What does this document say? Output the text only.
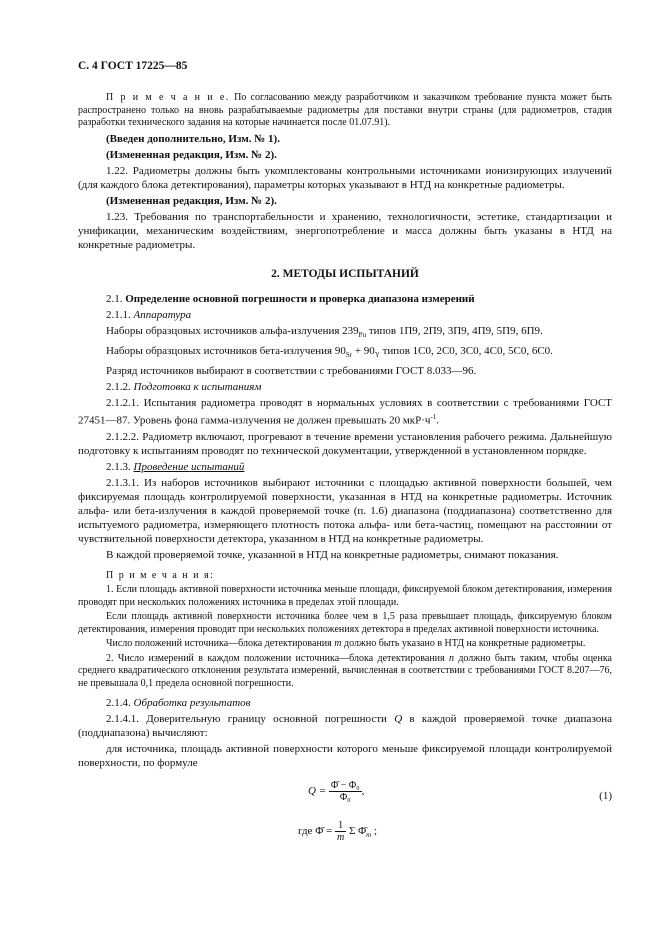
С. 4 ГОСТ 17225—85

П р и м е ч а н и е. По согласованию между разработчиком и заказчиком требование пункта может быть распространено только на вновь разрабатываемые радиометры для поставки внутри страны (для радиометров, стадия разработки технического задания на которые начинается после 01.07.91).

(Введен дополнительно, Изм. № 1).

(Измененная редакция, Изм. № 2).

1.22. Радиометры должны быть укомплектованы контрольными источниками ионизирующих излучений (для каждого блока детектирования), параметры которых указывают в НТД на конкретные радиометры.

(Измененная редакция, Изм. № 2).

1.23. Требования по транспортабельности и хранению, технологичности, эстетике, стандартизации и унификации, механическим воздействиям, энергопотребление и масса должны быть указаны в НТД на конкретные радиометры.

2. МЕТОДЫ ИСПЫТАНИЙ

2.1. Определение основной погрешности и проверка диапазона измерений

2.1.1. Аппаратура

Наборы образцовых источников альфа-излучения $239_{Pu}$ типов 1П9, 2П9, 3П9, 4П9, 5П9, 6П9.

Наборы образцовых источников бета-излучения $90_{Sr} + 90_Y$ типов 1С0, 2С0, 3С0, 4С0, 5С0, 6С0.

Разряд источников выбирают в соответствии с требованиями ГОСТ 8.033—96.

2.1.2. Подготовка к испытаниям

2.1.2.1. Испытания радиометра проводят в нормальных условиях в соответствии с требованиями ГОСТ 27451—87. Уровень фона гамма-излучения не должен превышать 20 $мкР\cdot ч^{-1}$.

2.1.2.2. Радиометр включают, прогревают в течение времени установления рабочего режима. Дальнейшую подготовку к испытаниям проводят по технической документации, утвержденной в установленном порядке.

2.1.3. Проведение испытаний

2.1.3.1. Из наборов источников выбирают источники с площадью активной поверхности большей, чем фиксируемая площадь контролируемой поверхности, указанная в НТД на конкретные радиометры. Источник альфа- или бета-излучения в каждой проверяемой точке (п. 1.6) диапазона (поддиапазона) соответственно для испытуемого радиометра, измеряющего плотность потока альфа- или бета-частиц, помещают на расстоянии от чувствительной поверхности детектора, указанном в НТД на конкретные радиометры.

В каждой проверяемой точке, указанной в НТД на конкретные радиометры, снимают показания.

П р и м е ч а н и я:

1. Если площадь активной поверхности источника меньше площади, фиксируемой блоком детектирования, измерения проводят при нескольких положениях источника в пределах этой площади.

Если площадь активной поверхности источника более чем в 1,5 раза превышает площадь, фиксируемую блоком детектирования, измерения проводят при нескольких положениях детектора в пределах активной поверхности источника.

Число положений источника—блока детектирования m должно быть указано в НТД на конкретные радиометры.

2. Число измерений в каждом положении источника—блока детектирования n должно быть таким, чтобы оценка среднего квадратического отклонения результата измерений, вычисленная в соответствии с требованиями ГОСТ 8.207—76, не превышала 0,1 предела основной погрешности.

2.1.4. Обработка результатов

2.1.4.1. Доверительную границу основной погрешности Q в каждой проверяемой точке диапазона (поддиапазона) вычисляют:

для источника, площадь активной поверхности которого меньше фиксируемой площади контролируемой поверхности, по формуле

$Q = \frac{\text{Φ̄ − Φ₀}}{\text{Φ₀}}$ ,	(1)
где Φ̄ = $\frac{1}{m}$ Σ $\Phī_m$ ;
